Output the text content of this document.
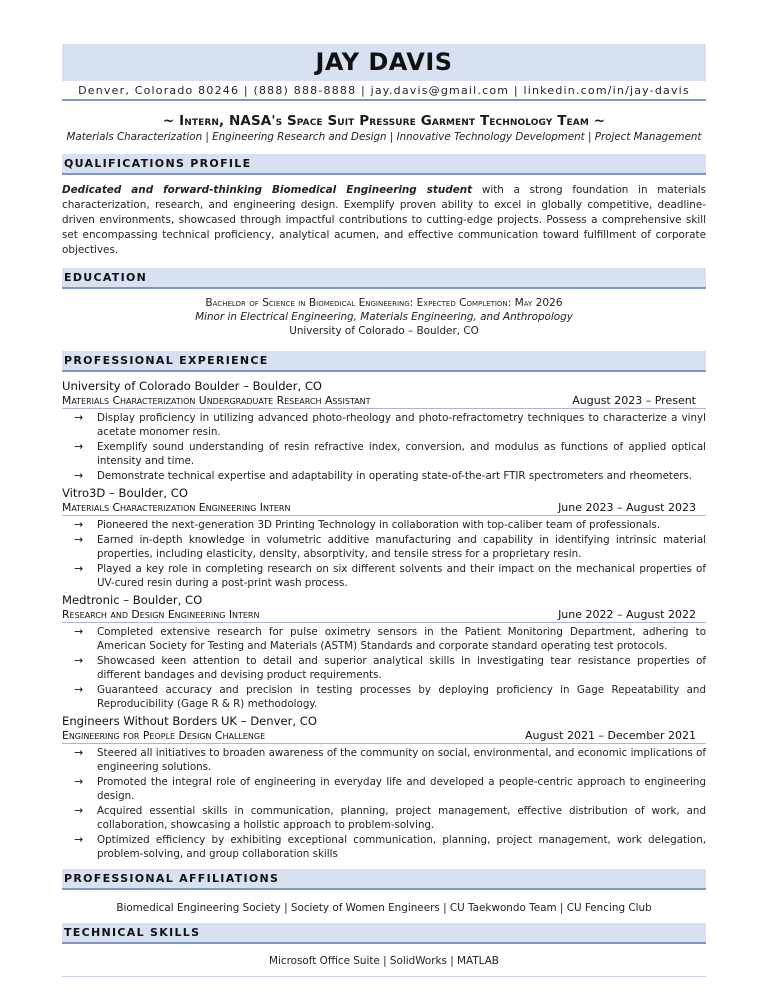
JAY DAVIS
Denver, Colorado 80246 | (888) 888-8888 | jay.davis@gmail.com | linkedin.com/in/jay-davis
~ Intern, NASA's Space Suit Pressure Garment Technology Team ~
Materials Characterization | Engineering Research and Design | Innovative Technology Development | Project Management
QUALIFICATIONS PROFILE
Dedicated and forward-thinking Biomedical Engineering student with a strong foundation in materials characterization, research, and engineering design. Exemplify proven ability to excel in globally competitive, deadline-driven environments, showcased through impactful contributions to cutting-edge projects. Possess a comprehensive skill set encompassing technical proficiency, analytical acumen, and effective communication toward fulfillment of corporate objectives.
EDUCATION
Bachelor of Science in Biomedical Engineering: Expected Completion: May 2026
Minor in Electrical Engineering, Materials Engineering, and Anthropology
University of Colorado – Boulder, CO
PROFESSIONAL EXPERIENCE
University of Colorado Boulder – Boulder, CO
Materials Characterization Undergraduate Research Assistant	August 2023 – Present
→ Display proficiency in utilizing advanced photo-rheology and photo-refractometry techniques to characterize a vinyl acetate monomer resin.
→ Exemplify sound understanding of resin refractive index, conversion, and modulus as functions of applied optical intensity and time.
→ Demonstrate technical expertise and adaptability in operating state-of-the-art FTIR spectrometers and rheometers.
Vitro3D – Boulder, CO
Materials Characterization Engineering Intern	June 2023 – August 2023
→ Pioneered the next-generation 3D Printing Technology in collaboration with top-caliber team of professionals.
→ Earned in-depth knowledge in volumetric additive manufacturing and capability in identifying intrinsic material properties, including elasticity, density, absorptivity, and tensile stress for a proprietary resin.
→ Played a key role in completing research on six different solvents and their impact on the mechanical properties of UV-cured resin during a post-print wash process.
Medtronic – Boulder, CO
Research and Design Engineering Intern	June 2022 – August 2022
→ Completed extensive research for pulse oximetry sensors in the Patient Monitoring Department, adhering to American Society for Testing and Materials (ASTM) Standards and corporate standard operating test protocols.
→ Showcased keen attention to detail and superior analytical skills in investigating tear resistance properties of different bandages and devising product requirements.
→ Guaranteed accuracy and precision in testing processes by deploying proficiency in Gage Repeatability and Reproducibility (Gage R & R) methodology.
Engineers Without Borders UK – Denver, CO
Engineering for People Design Challenge	August 2021 – December 2021
→ Steered all initiatives to broaden awareness of the community on social, environmental, and economic implications of engineering solutions.
→ Promoted the integral role of engineering in everyday life and developed a people-centric approach to engineering design.
→ Acquired essential skills in communication, planning, project management, effective distribution of work, and collaboration, showcasing a holistic approach to problem-solving.
→ Optimized efficiency by exhibiting exceptional communication, planning, project management, work delegation, problem-solving, and group collaboration skills
PROFESSIONAL AFFILIATIONS
Biomedical Engineering Society | Society of Women Engineers | CU Taekwondo Team | CU Fencing Club
TECHNICAL SKILLS
Microsoft Office Suite | SolidWorks | MATLAB
